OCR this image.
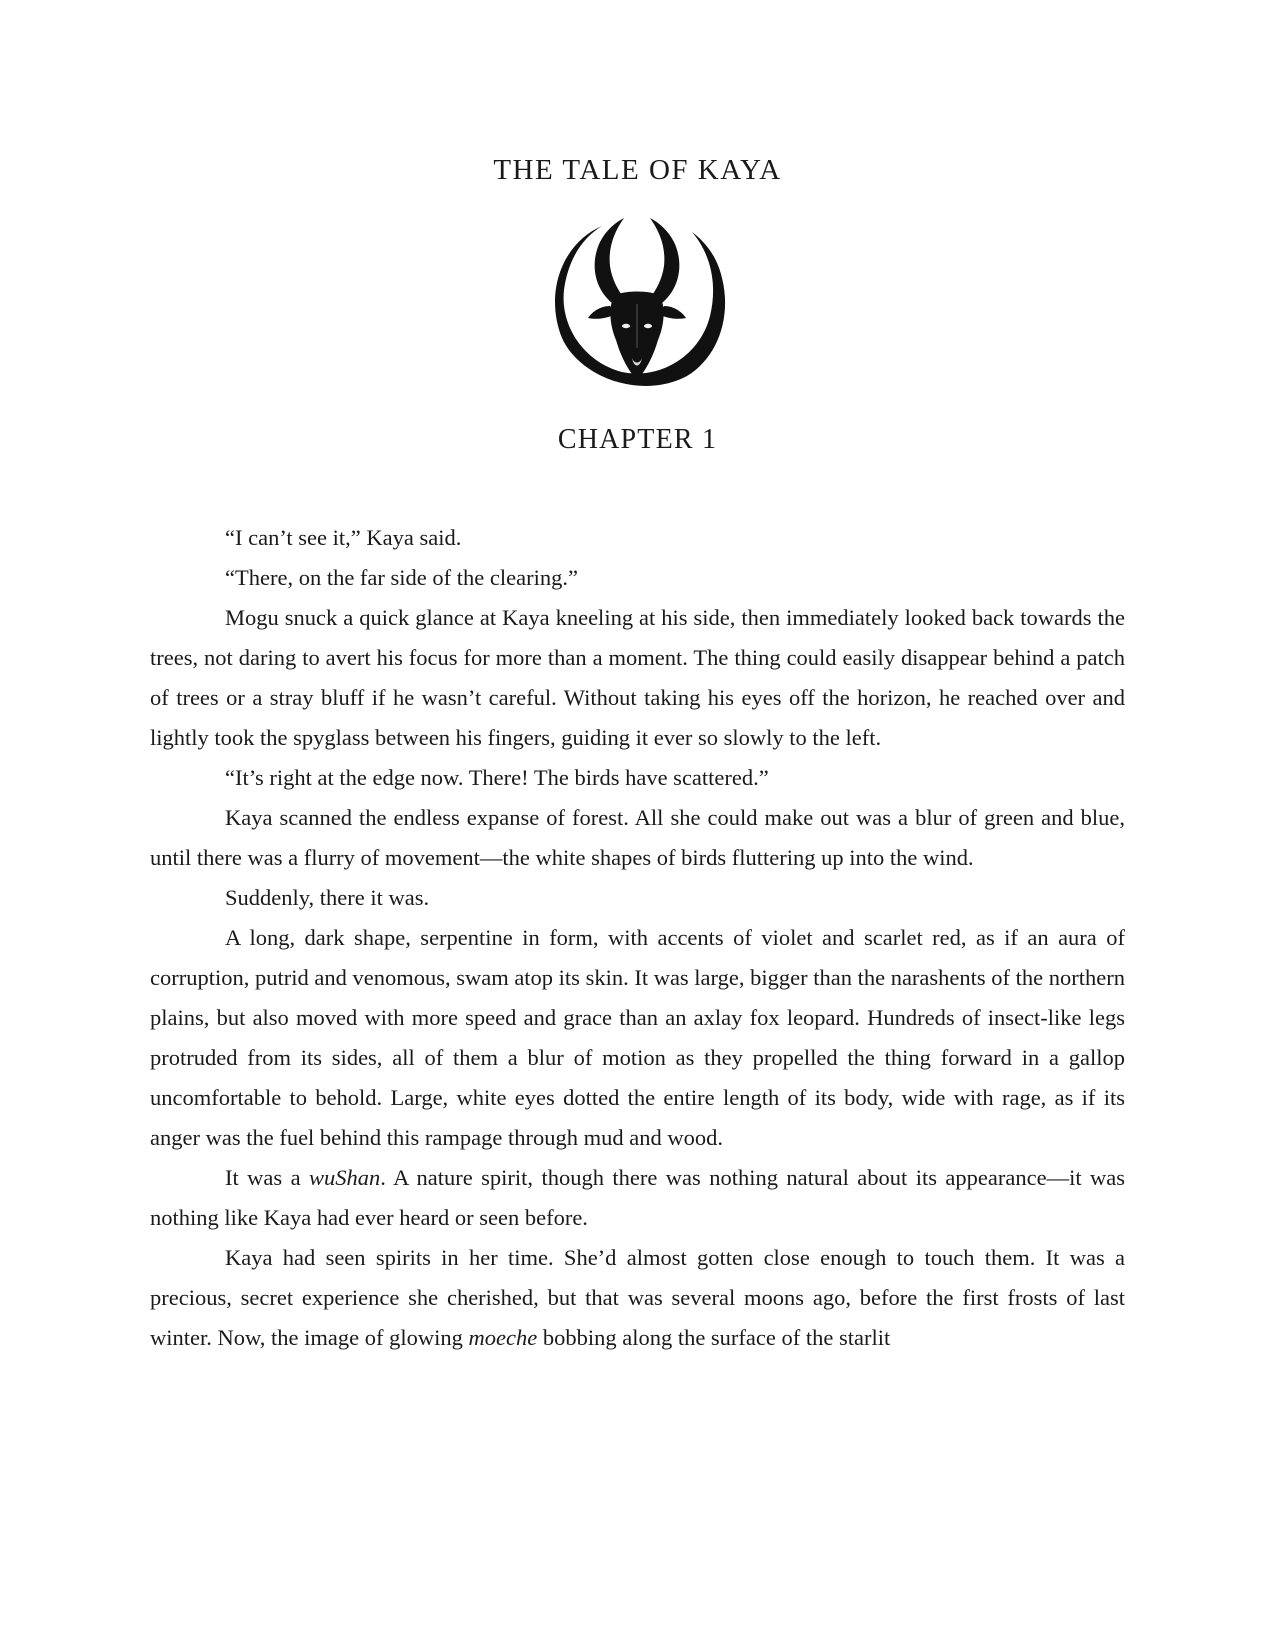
THE TALE OF KAYA
CHAPTER 1

“I can’t see it,” Kaya said.

“There, on the far side of the clearing.”

Mogu snuck a quick glance at Kaya kneeling at his side, then immediately looked back towards the trees, not daring to avert his focus for more than a moment. The thing could easily disappear behind a patch of trees or a stray bluff if he wasn’t careful. Without taking his eyes off the horizon, he reached over and lightly took the spyglass between his fingers, guiding it ever so slowly to the left.

“It’s right at the edge now. There! The birds have scattered.”

Kaya scanned the endless expanse of forest. All she could make out was a blur of green and blue, until there was a flurry of movement—the white shapes of birds fluttering up into the wind.

Suddenly, there it was.

A long, dark shape, serpentine in form, with accents of violet and scarlet red, as if an aura of corruption, putrid and venomous, swam atop its skin. It was large, bigger than the narashents of the northern plains, but also moved with more speed and grace than an axlay fox leopard. Hundreds of insect-like legs protruded from its sides, all of them a blur of motion as they propelled the thing forward in a gallop uncomfortable to behold. Large, white eyes dotted the entire length of its body, wide with rage, as if its anger was the fuel behind this rampage through mud and wood.

It was a wuShan. A nature spirit, though there was nothing natural about its appearance—it was nothing like Kaya had ever heard or seen before.

Kaya had seen spirits in her time. She’d almost gotten close enough to touch them. It was a precious, secret experience she cherished, but that was several moons ago, before the first frosts of last winter. Now, the image of glowing moeche bobbing along the surface of the starlit
